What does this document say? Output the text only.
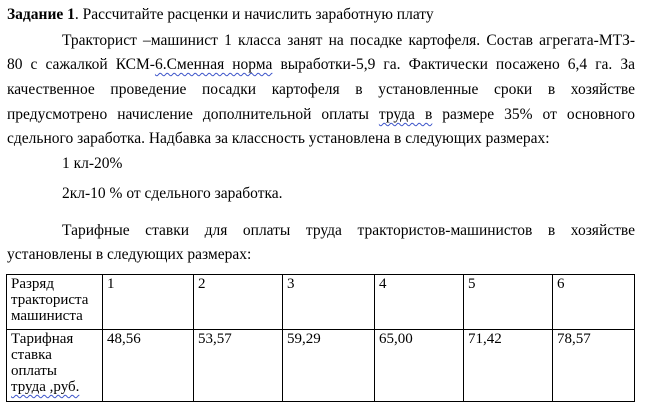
Задание 1. Рассчитайте расценки и начислить заработную плату
Тракторист –машинист 1 класса занят на посадке картофеля. Состав агрегата-МТЗ-
80 с сажалкой КСМ-6.Сменная норма выработки-5,9 га. Фактически посажено 6,4 га. За
качественное проведение посадки картофеля в установленные сроки в хозяйстве
предусмотрено начисление дополнительной оплаты труда в размере 35% от основного
сдельного заработка. Надбавка за классность установлена в следующих размерах:
1 кл-20%
2кл-10 % от сдельного заработка.
Тарифные ставки для оплаты труда трактористов-машинистов в хозяйстве
установлены в следующих размерах:
Разряд
тракториста
машиниста	1	2	3	4	5	6

Тарифная
ставка
оплаты
труда ,руб.	48,56	53,57	59,29	65,00	71,42	78,57
